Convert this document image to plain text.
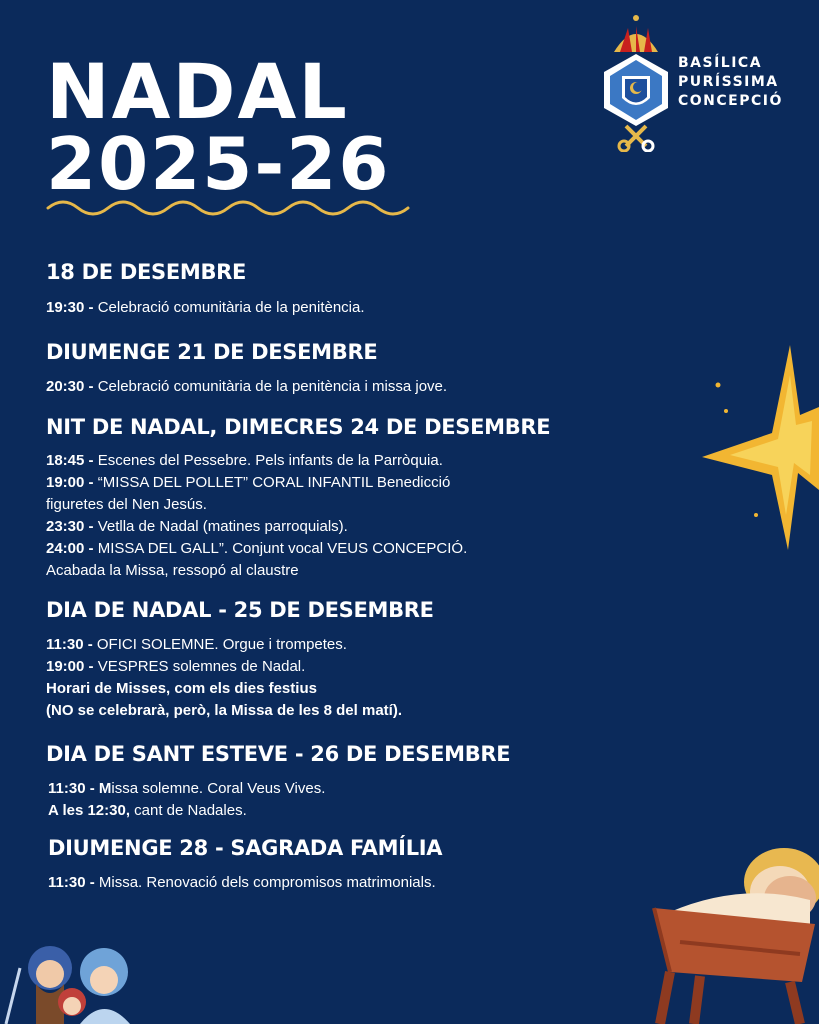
NADAL
2025-26
BASÍLICA
PURÍSSIMA
CONCEPCIÓ
18 DE DESEMBRE
19:30 - Celebració comunitària de la penitència.
DIUMENGE 21 DE DESEMBRE
20:30 - Celebració comunitària de la penitència i missa jove.
NIT DE NADAL, DIMECRES 24 DE DESEMBRE
18:45 - Escenes del Pessebre. Pels infants de la Parròquia.
19:00 - “MISSA DEL POLLET” CORAL INFANTIL Benedicció
figuretes del Nen Jesús.
23:30 - Vetlla de Nadal (matines parroquials).
24:00 - MISSA DEL GALL”. Conjunt vocal VEUS CONCEPCIÓ.
Acabada la Missa, ressopó al claustre
DIA DE NADAL - 25 DE DESEMBRE
11:30 - OFICI SOLEMNE. Orgue i trompetes.
19:00 - VESPRES solemnes de Nadal.
Horari de Misses, com els dies festius
(NO se celebrarà, però, la Missa de les 8 del matí).
DIA DE SANT ESTEVE - 26 DE DESEMBRE
11:30 - Missa solemne. Coral Veus Vives.
A les 12:30, cant de Nadales.
DIUMENGE 28 - SAGRADA FAMÍLIA
11:30 - Missa. Renovació dels compromisos matrimonials.
